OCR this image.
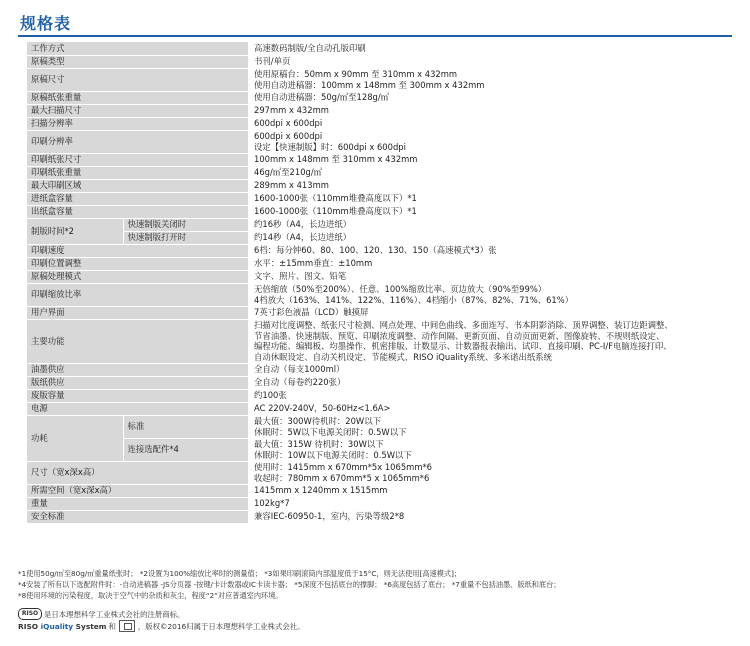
规格表
工作方式		高速数码制版/全自动孔版印刷

原稿类型		书刊/单页

原稿尺寸		使用原稿台：50mm x 90mm 至 310mm x 432mm
使用自动进稿器：100mm x 148mm 至 300mm x 432mm

原稿纸张重量		使用自动进稿器：50g/㎡至128g/㎡

最大扫描尺寸		297mm x 432mm

扫描分辨率		600dpi x 600dpi

印刷分辨率		600dpi x 600dpi
设定【快速制版】时：600dpi x 600dpi

印刷纸张尺寸		100mm x 148mm 至 310mm x 432mm

印刷纸张重量		46g/㎡至210g/㎡

最大印刷区域		289mm x 413mm

进纸盒容量		1600-1000张（110mm堆叠高度以下）*1

出纸盒容量		1600-1000张（110mm堆叠高度以下）*1

制版时间*2	快速制版关闭时	约16秒（A4，长边进纸）

	快速制版打开时	约14秒（A4，长边进纸）

印刷速度		6档：每分钟60、80、100、120、130、150（高速模式*3）张

印刷位置调整		水平：±15mm垂直：±10mm

原稿处理模式		文字、照片、图文、铅笔

印刷缩放比率		无倍缩放（50%至200%）、任意、100%缩放比率、页边放大（90%至99%）
4档放大（163%、141%、122%、116%）、4档缩小（87%、82%、71%、61%）

用户界面		7英寸彩色液晶（LCD）触摸屏

主要功能		扫描对比度调整、纸张尺寸检测、网点处理、中间色曲线、多面连写、书本阴影消除、顶界调整、装订边距调整、
节省油墨、快速制版、预览、印刷浓度调整、动作间隔、更新页面、自动页面更新、图像旋转、不规则纸设定、
编程功能、编辑板、均墨操作、机密排版、计数显示、计数器报表输出、试印、直接印刷、PC-I/F电脑连接打印、
自动休眠设定、自动关机设定、节能模式、RISO iQuality系统、多米诺出纸系统

油墨供应		全自动（每支1000ml）

版纸供应		全自动（每卷约220张）

废版容量		约100张

电源		AC 220V-240V，50-60Hz<1.6A>

功耗	标准	最大值：300W待机时：20W以下
休眠时：5W以下电源关闭时：0.5W以下

	连接选配件*4	最大值：315W 待机时：30W以下
休眠时：10W以下电源关闭时：0.5W以下

尺寸（宽x深x高）		使用时：1415mm x 670mm*5x 1065mm*6
收起时：780mm x 670mm*5 x 1065mm*6

所需空间（宽x深x高）		1415mm x 1240mm x 1515mm

重量		102kg*7

安全标准		兼容IEC-60950-1，室内，污染等级2*8
*1使用50g/㎡至80g/㎡重量纸张时； *2设置为100%缩放比率时的测量值； *3如果印刷滚筒内部温度低于15°C，则无法使用[高速模式]；
*4安装了所有以下选配附件时：-自动进稿器 -JS分页器 -按键/卡计数器或IC卡读卡器； *5深度不包括底台的撑脚； *6高度包括了底台； *7重量不包括油墨、版纸和底台；
*8使用环境的污染程度，取决于空气中的杂质和灰尘，程度“2”对应普通室内环境。
RISO 是日本理想科学工业株式会社的注册商标。
RISO iQuality System 和	，版权©2016归属于日本理想科学工业株式会社。
